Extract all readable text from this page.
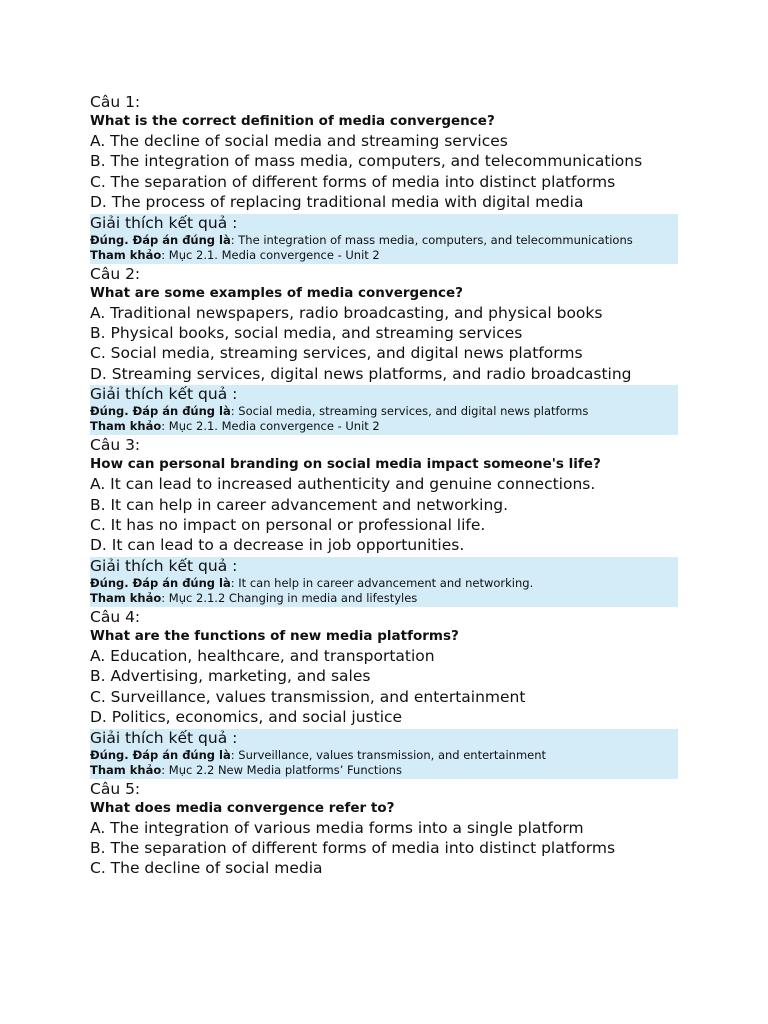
Câu 1:
What is the correct definition of media convergence?
A. The decline of social media and streaming services
B. The integration of mass media, computers, and telecommunications
C. The separation of different forms of media into distinct platforms
D. The process of replacing traditional media with digital media
Giải thích kết quả :
Đúng. Đáp án đúng là: The integration of mass media, computers, and telecommunications
Tham khảo: Mục 2.1. Media convergence - Unit 2
Câu 2:
What are some examples of media convergence?
A. Traditional newspapers, radio broadcasting, and physical books
B. Physical books, social media, and streaming services
C. Social media, streaming services, and digital news platforms
D. Streaming services, digital news platforms, and radio broadcasting
Giải thích kết quả :
Đúng. Đáp án đúng là: Social media, streaming services, and digital news platforms
Tham khảo: Mục 2.1. Media convergence - Unit 2
Câu 3:
How can personal branding on social media impact someone's life?
A. It can lead to increased authenticity and genuine connections.
B. It can help in career advancement and networking.
C. It has no impact on personal or professional life.
D. It can lead to a decrease in job opportunities.
Giải thích kết quả :
Đúng. Đáp án đúng là: It can help in career advancement and networking.
Tham khảo: Mục 2.1.2 Changing in media and lifestyles
Câu 4:
What are the functions of new media platforms?
A. Education, healthcare, and transportation
B. Advertising, marketing, and sales
C. Surveillance, values transmission, and entertainment
D. Politics, economics, and social justice
Giải thích kết quả :
Đúng. Đáp án đúng là: Surveillance, values transmission, and entertainment
Tham khảo: Mục 2.2 New Media platforms’ Functions
Câu 5:
What does media convergence refer to?
A. The integration of various media forms into a single platform
B. The separation of different forms of media into distinct platforms
C. The decline of social media
